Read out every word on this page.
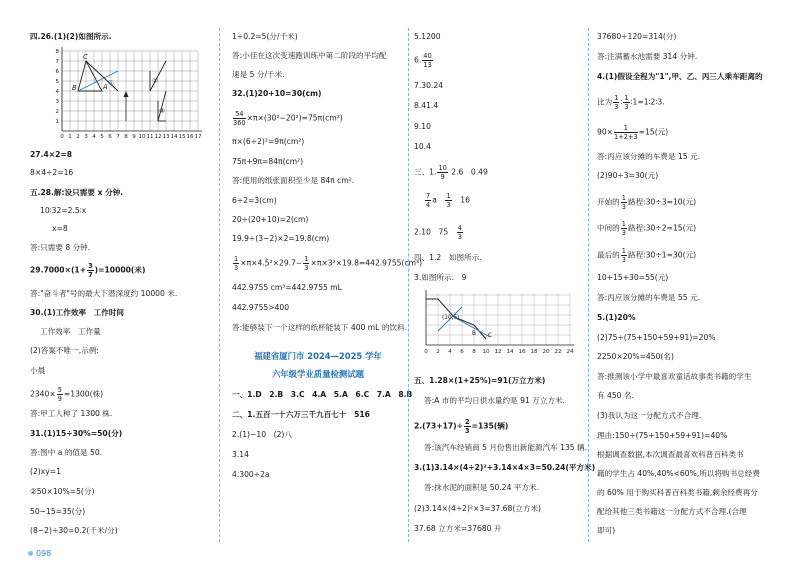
四.26.(1)(2)如图所示.
0 1 2 3 4 5 6 7 8 9 10 11 12 13 14 15 16 17
1
2
3
4
5
6
7
8
C
B	A ①	②
③
27.4×2=8
8×4÷2=16
五.28.解:设只需要 x 分钟.
10∶32=2.5∶x
x=8
答:只需要 8 分钟.
$29.7000\times(1+ \frac{3}{7} )=10000$(米)
答:"奋斗者"号的最大下潜深度约 10000 米.
30.(1)工作效率　工作时间
工作效率　工作量
(2)答案不唯一,示例:
小晨
$2340\times \frac{5}{9} =1300$(株)
答:甲工人种了 1300 株.
31.(1)15÷30%=50(分)
答:图中 a 的值是 50.
(2)xy=1
②50×10%=5(分)
50−15=35(分)
(8−2)÷30=0.2(千米/分)
1÷0.2=5(分/千米)
答:小佳在这次变速跑训练中第二阶段的平均配
速是 5 分/千米.
32.(1)20+10=30(cm)
$\frac{54}{360} \times\pi\times(30^2-20^2)=75\pi(cm^2)$
π×(6÷2)²=9π(cm²)
75π+9π=84π(cm²)
答:使用的纸张面积至少是 84π cm².
6÷2=3(cm)
20÷(20+10)=2(cm)
19.9÷(3−2)×2=19.8(cm)
$\frac{1}{3} \times\pi\times 4.5^2\times 29.7- \frac{1}{3} \times\pi\times 3^2\times 19.8=442.9755(cm^3)$
442.9755 cm³=442.9755 mL
442.9755>400
答:能够装下一个这样的纸杯能装下 400 mL 的饮料.
福建省厦门市 2024—2025 学年
六年级学业质量检测试题
一、1.D　2.B　3.C　4.A　5.A　6.C　7.A　8.B
二、1.五百一十六万三千九百七十　516
2.(1)−10　(2)八
3.14
4.300÷2a
5.1200
6. $\frac{40}{13}$
7.30.24
8.41.4
9.10
10.4
三、1. $\frac{10}{9} 2.6$　0.49
$\frac{7}{4}$ a　 $\frac{1}{3}$ 　16
2.10　75　 $\frac{4}{3}$
四、1.2　如图所示.
3.如图所示.　9
(10,5)
B C
0 2 4 6 8 10 12 14 16 18 20 22 24
五、1.28×(1+25%)=91(万立方米)
答:A 市的平均日供水量约是 91 万立方米.
$2.(73+17)\div \frac{2}{3} =135$(辆)
答:该汽车经销商 5 月份售出新能源汽车 135 辆.
3.(1)3.14×(4÷2)²+3.14×4×3=50.24(平方米)
答:抹水泥的面积是 50.24 平方米.
(2)3.14×(4÷2)²×3=37.68(立方米)
37.68 立方米=37680 升
37680÷120=314(分)
答:注满蓄水池需要 314 分钟.
4.(1)假设全程为"1",甲、乙、丙三人乘车距离的
比为 $\frac{1}{3}$ ∶ $\frac{1}{3}$ ∶1=1∶2∶3.
$90\times \frac{1}{1+2+3} =15$(元)
答:丙应该分摊的车费是 15 元.
(2)90÷3=30(元)
开始的 $\frac{1}{3}$ 路程:30÷3=10(元)
中间的 $\frac{1}{3}$ 路程:30÷2=15(元)
最后的 $\frac{1}{3}$ 路程:30÷1=30(元)
10+15+30=55(元)
答:丙应该分摊的车费是 55 元.
5.(1)20%
(2)75÷(75+150+59+91)=20%
2250×20%=450(名)
答:推测该小学中最喜欢童话故事类书籍的学生
有 450 名.
(3)我认为这一分配方式不合理.
理由:150÷(75+150+59+91)=40%
根据调查数据,本次调查最喜欢科普百科类书
籍的学生占 40%,40%<60%,所以将购书总经费
的 60% 用于购买科普百科类书籍,剩余经费再分
配给其他三类书籍这一分配方式不合理.(合理
即可)
098
